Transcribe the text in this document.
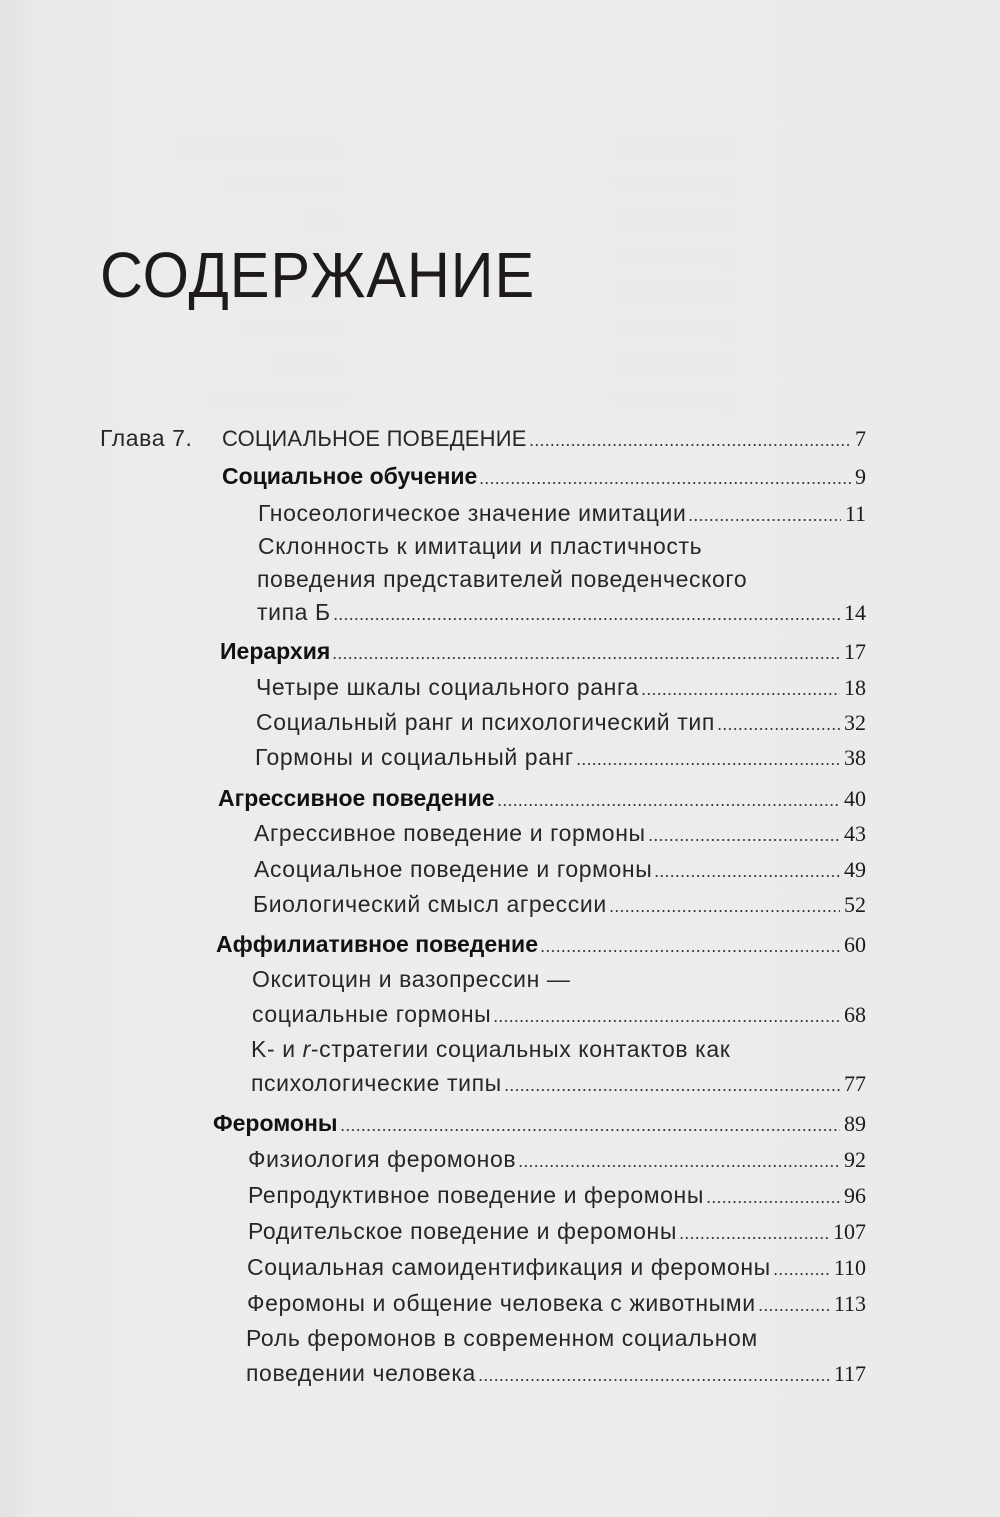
СОДЕРЖАНИЕ
Глава 7.	СОЦИАЛЬНОЕ ПОВЕДЕНИЕ	7
Социальное обучение	9
Гносеологическое значение имитации	11
Склонность к имитации и пластичность
поведения представителей поведенческого
типа Б	14
Иерархия	17
Четыре шкалы социального ранга	18
Социальный ранг и психологический тип	32
Гормоны и социальный ранг	38
Агрессивное поведение	40
Агрессивное поведение и гормоны	43
Асоциальное поведение и гормоны	49
Биологический смысл агрессии	52
Аффилиативное поведение	60
Окситоцин и вазопрессин —
социальные гормоны	68
K- и r-стратегии социальных контактов как
психологические типы	77
Феромоны	89
Физиология феромонов	92
Репродуктивное поведение и феромоны	96
Родительское поведение и феромоны	107
Социальная самоидентификация и феромоны	110
Феромоны и общение человека с животными	113
Роль феромонов в современном социальном
поведении человека	117
